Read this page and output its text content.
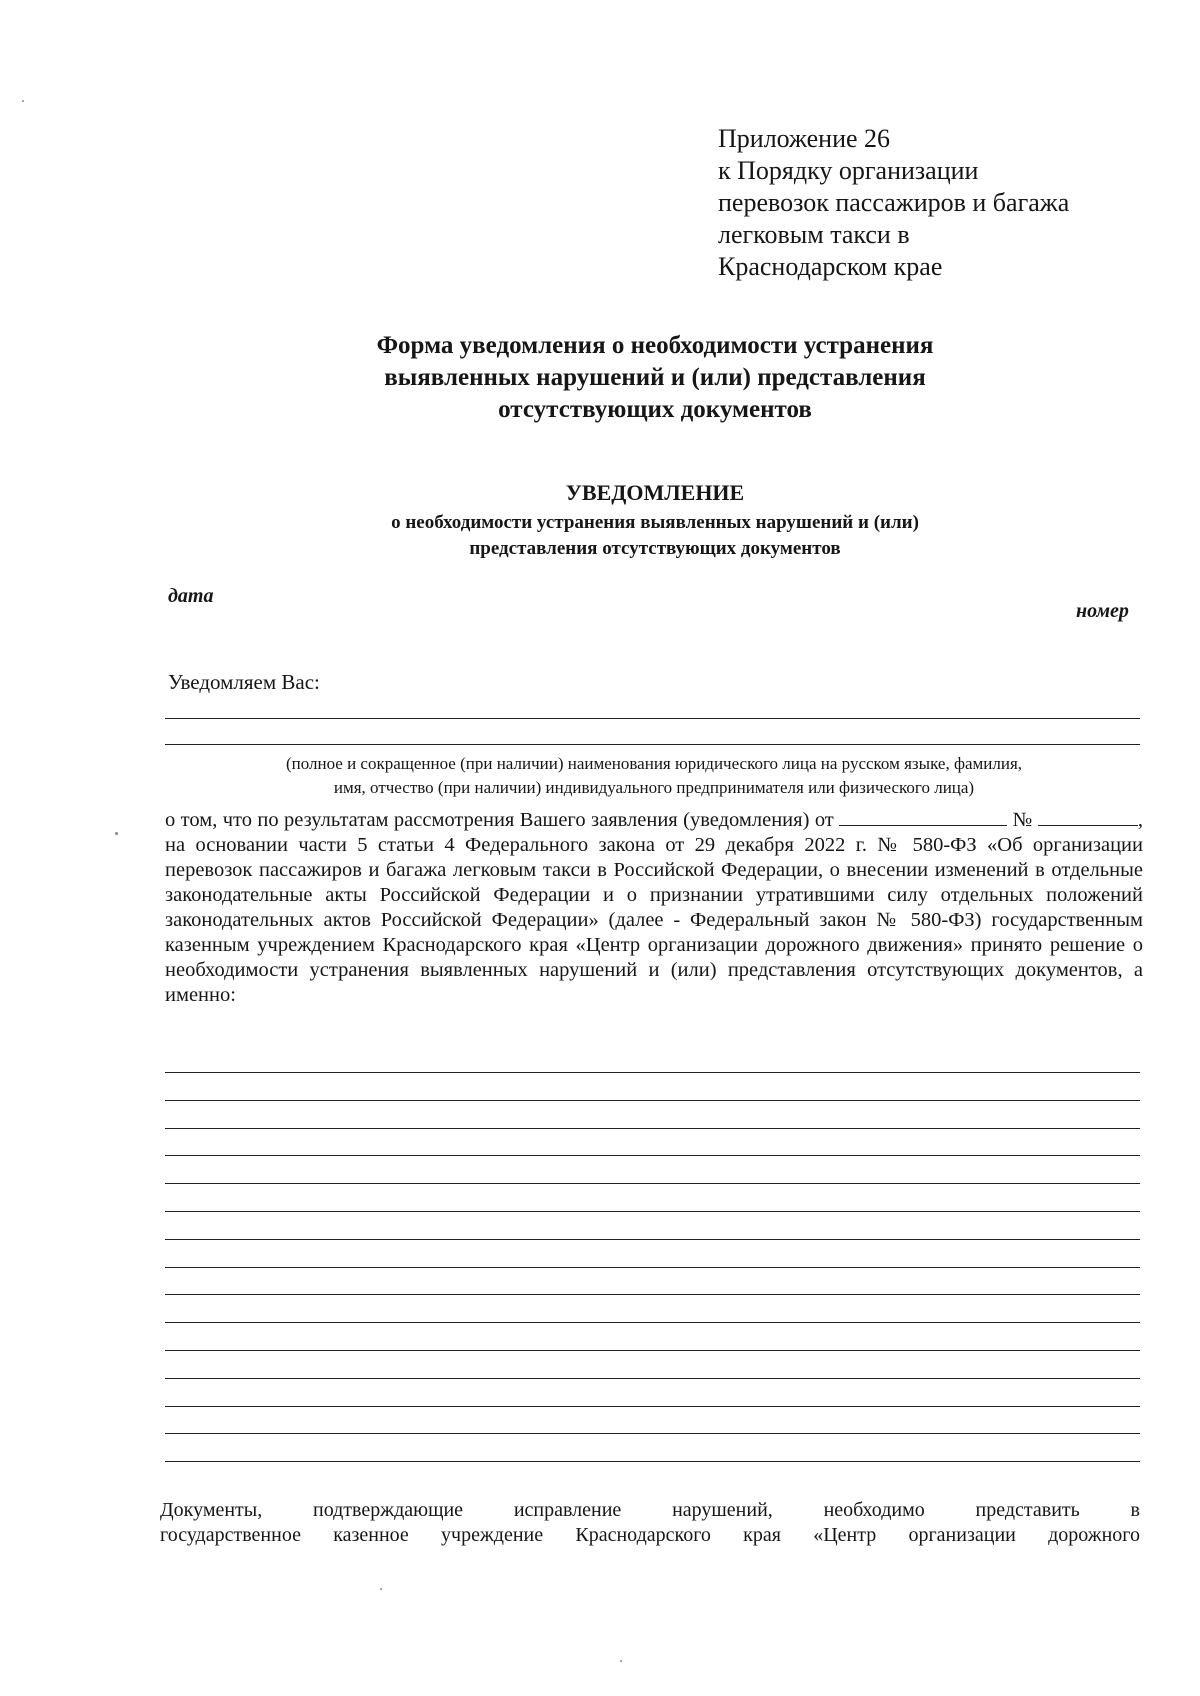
Приложение 26
к Порядку организации
перевозок пассажиров и багажа
легковым такси в
Краснодарском крае
Форма уведомления о необходимости устранения
выявленных нарушений и (или) представления
отсутствующих документов
УВЕДОМЛЕНИЕ
о необходимости устранения выявленных нарушений и (или)
представления отсутствующих документов
дата
номер
Уведомляем Вас:
(полное и сокращенное (при наличии) наименования юридического лица на русском языке, фамилия,
имя, отчество (при наличии) индивидуального предпринимателя или физического лица)
о том, что по результатам рассмотрения Вашего заявления (уведомления) от	№	, на основании части 5 статьи 4 Федерального закона от 29 декабря 2022 г. № 580-ФЗ «Об организации перевозок пассажиров и багажа легковым такси в Российской Федерации, о внесении изменений в отдельные законодательные акты Российской Федерации и о признании утратившими силу отдельных положений законодательных актов Российской Федерации» (далее - Федеральный закон № 580-ФЗ) государственным казенным учреждением Краснодарского края «Центр организации дорожного движения» принято решение о необходимости устранения выявленных нарушений и (или) представления отсутствующих документов, а именно:
Документы, подтверждающие исправление нарушений, необходимо представить в
государственное казенное учреждение Краснодарского края «Центр организации дорожного
